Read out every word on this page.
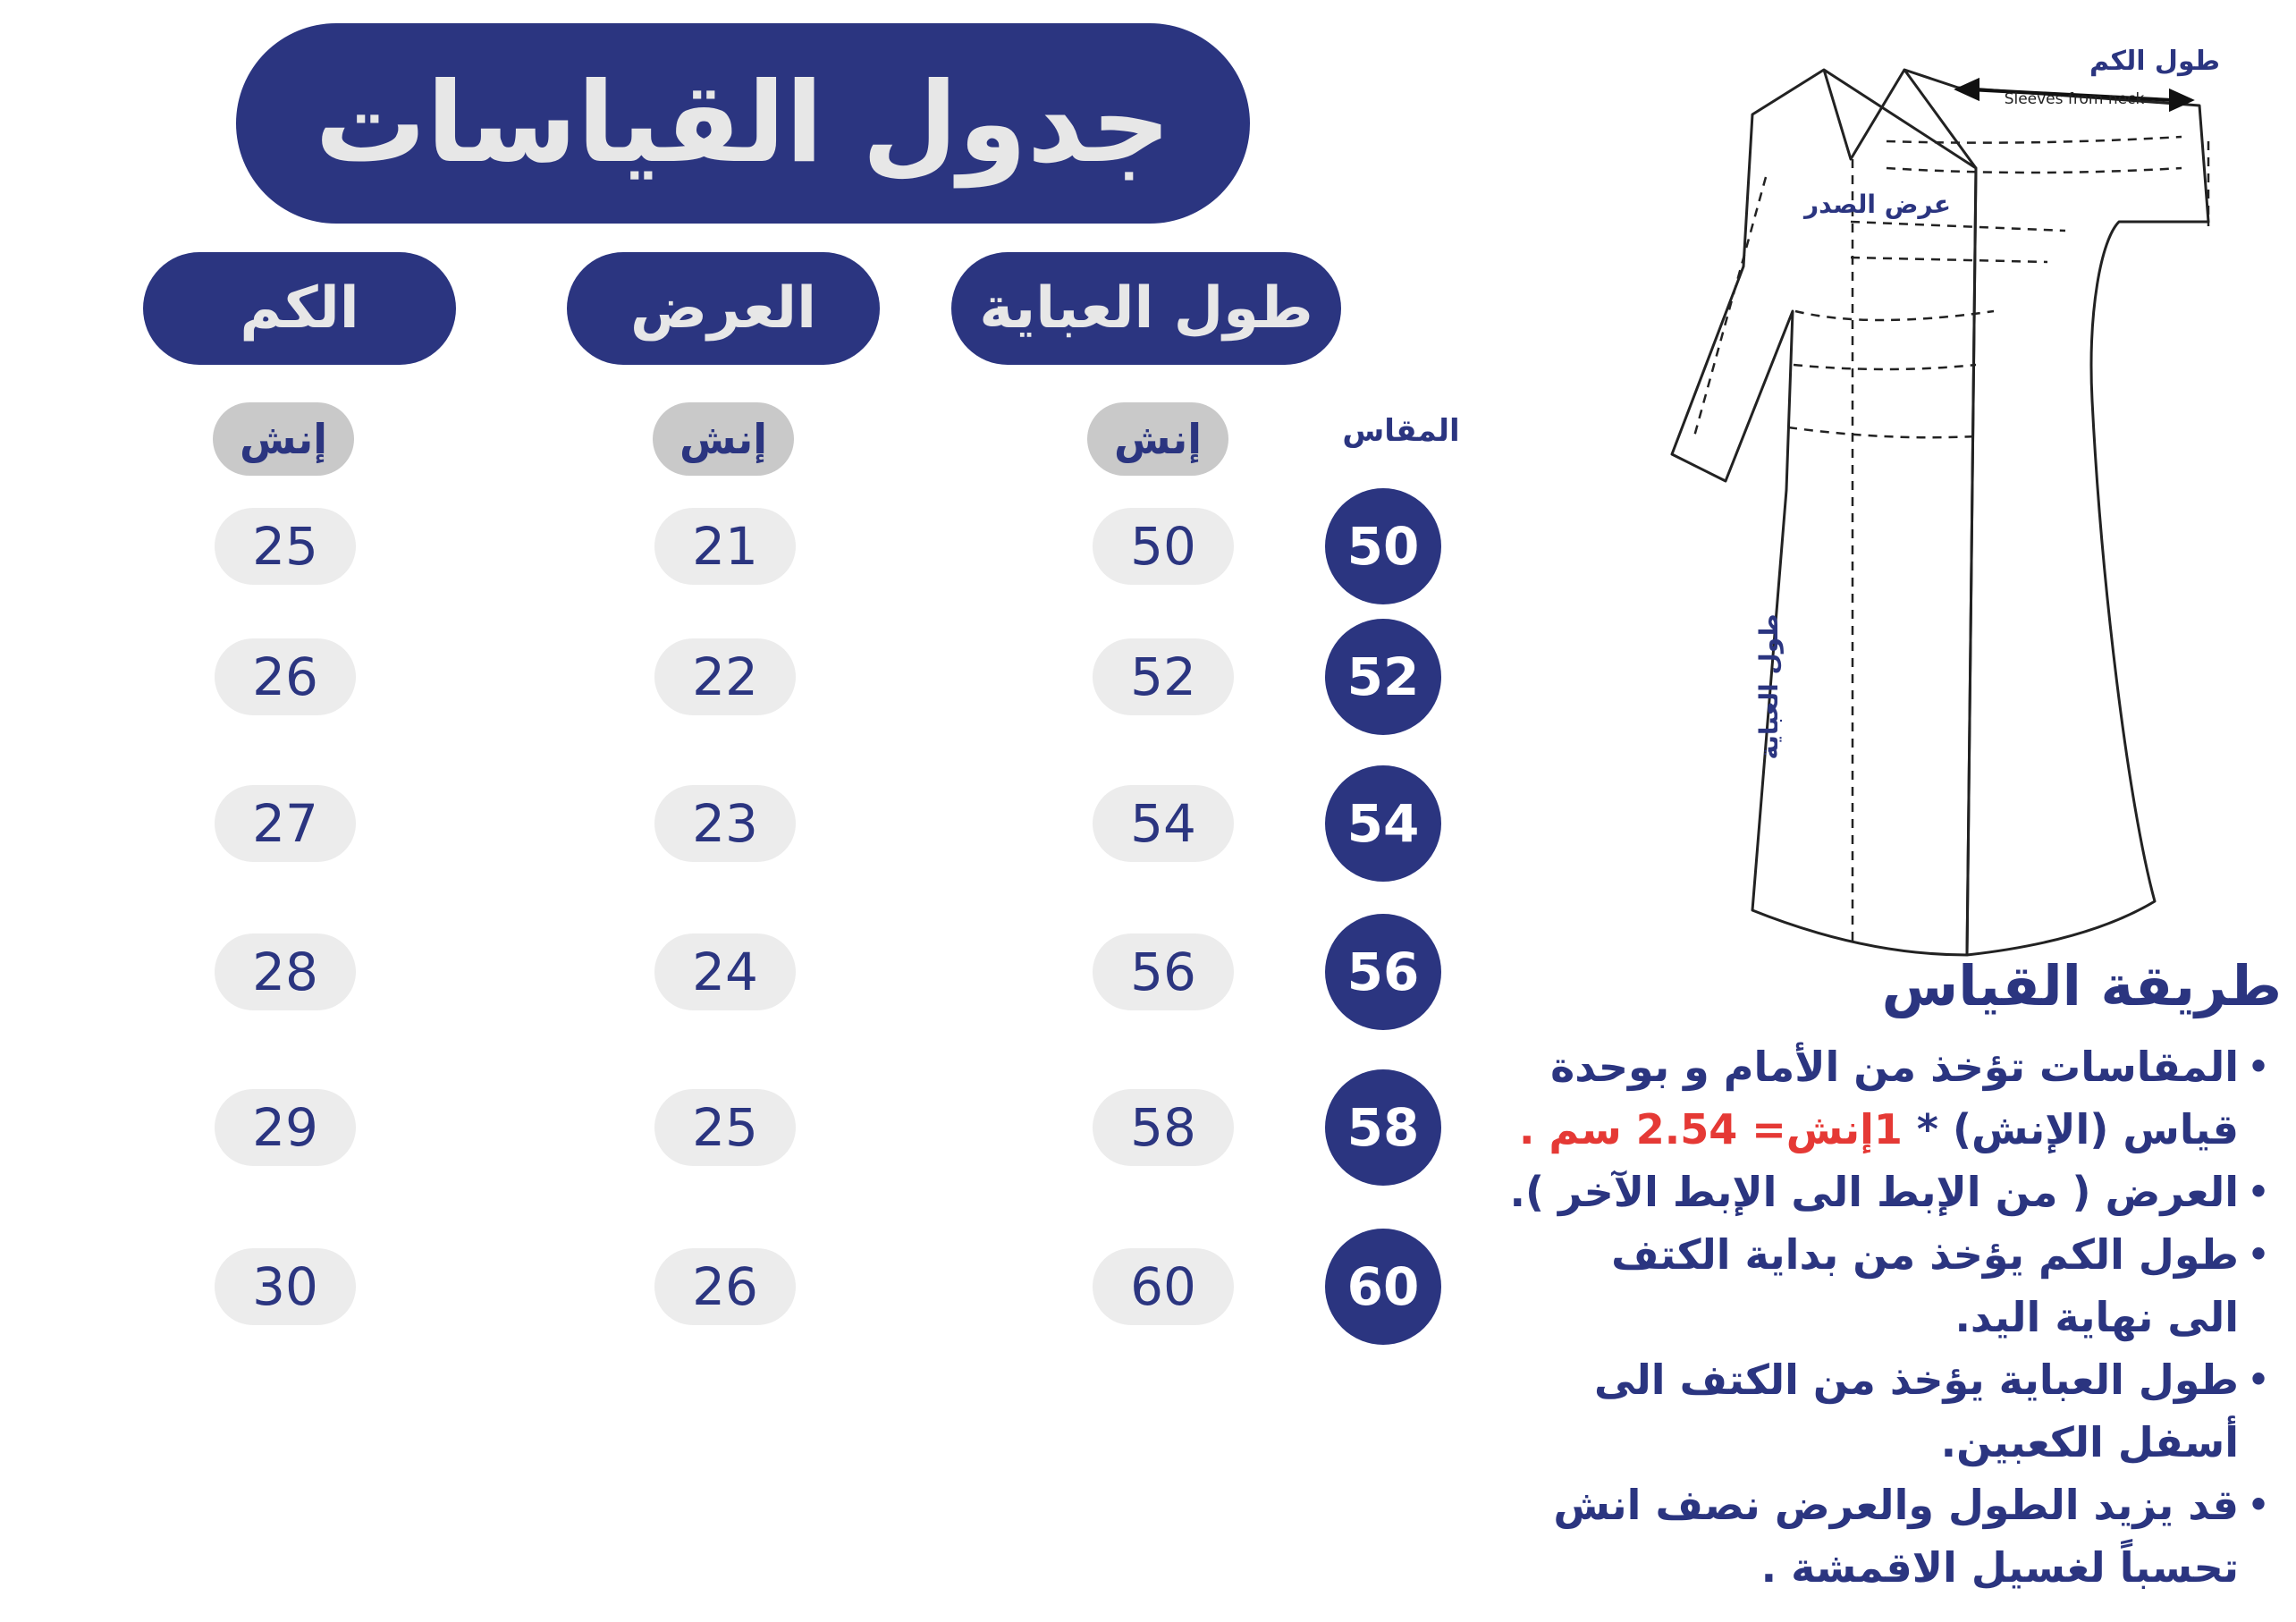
جدول القياسات
الكم	العرض	طول العباية
إنش	إنش	إنش	المقاس
25	21	50	50
26	22	52	52
27	23	54	54
28	24	56	56
29	25	58	58
30	26	60	60
طول الكم
Sleeves from neck
عرض الصدر
طول العباية
طريقة القياس
•
المقاسات تؤخذ من الأمام و بوحدة
قياس (الإنش) * 1إنش= 2.54 سم .
•
العرض ( من الإبط الى الإبط الآخر ).
•
طول الكم يؤخذ من بداية الكتف
الى نهاية اليد.
•
طول العباية يؤخذ من الكتف الى
أسفل الكعبين.
•
قد يزيد الطول والعرض نصف انش
تحسباً لغسيل الاقمشة .
